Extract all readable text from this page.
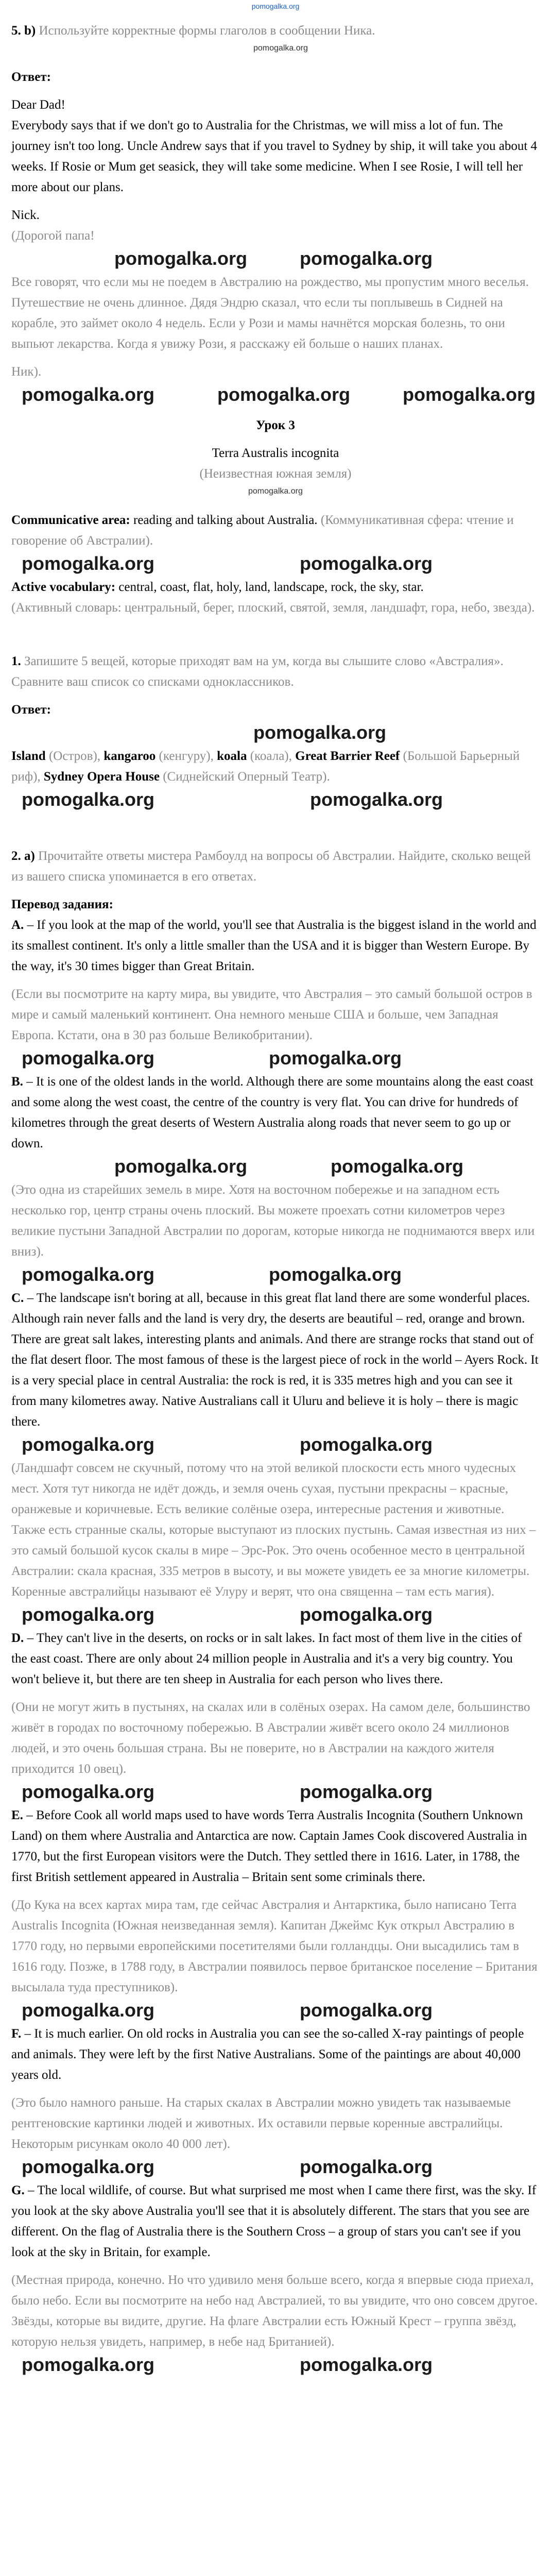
pomogalka.org

5. b) Используйте корректные формы глаголов в сообщении Ника.

pomogalka.org

Ответ:

Dear Dad!

Everybody says that if we don't go to Australia for the Christmas, we will miss a lot of fun. The journey isn't too long. Uncle Andrew says that if you travel to Sydney by ship, it will take you about 4 weeks. If Rosie or Mum get seasick, they will take some medicine. When I see Rosie, I will tell her more about our plans.

Nick.

(Дорогой папа!

pomogalka.org	pomogalka.org

Все говорят, что если мы не поедем в Австралию на рождество, мы пропустим много веселья. Путешествие не очень длинное. Дядя Эндрю сказал, что если ты поплывешь в Сидней на корабле, это займет около 4 недель. Если у Рози и мамы начнётся морская болезнь, то они выпьют лекарства. Когда я увижу Рози, я расскажу ей больше о наших планах.

Ник).

pomogalka.org	pomogalka.org	pomogalka.org

Урок 3

Terra Australis incognita

(Неизвестная южная земля)

pomogalka.org

Communicative area: reading and talking about Australia. (Коммуникативная сфера: чтение и говорение об Австралии).

pomogalka.org	pomogalka.org

Active vocabulary: central, coast, flat, holy, land, landscape, rock, the sky, star.

(Активный словарь: центральный, берег, плоский, святой, земля, ландшафт, гора, небо, звезда).

1. Запишите 5 вещей, которые приходят вам на ум, когда вы слышите слово «Австралия». Сравните ваш список со списками одноклассников.

Ответ:

pomogalka.org

Island (Остров), kangaroo (кенгуру), koala (коала), Great Barrier Reef (Большой Барьерный риф), Sydney Opera House (Сиднейский Оперный Театр).

pomogalka.org	pomogalka.org

2. a) Прочитайте ответы мистера Рамбоулд на вопросы об Австралии. Найдите, сколько вещей из вашего списка упоминается в его ответах.

Перевод задания:

A. – If you look at the map of the world, you'll see that Australia is the biggest island in the world and its smallest continent. It's only a little smaller than the USA and it is bigger than Western Europe. By the way, it's 30 times bigger than Great Britain.

(Если вы посмотрите на карту мира, вы увидите, что Австралия – это самый большой остров в мире и самый маленький континент. Она немного меньше США и больше, чем Западная Европа. Кстати, она в 30 раз больше Великобритании).

pomogalka.org	pomogalka.org

B. – It is one of the oldest lands in the world. Although there are some mountains along the east coast and some along the west coast, the centre of the country is very flat. You can drive for hundreds of kilometres through the great deserts of Western Australia along roads that never seem to go up or down.

pomogalka.org	pomogalka.org

(Это одна из старейших земель в мире. Хотя на восточном побережье и на западном есть несколько гор, центр страны очень плоский. Вы можете проехать сотни километров через великие пустыни Западной Австралии по дорогам, которые никогда не поднимаются вверх или вниз).

pomogalka.org	pomogalka.org

C. – The landscape isn't boring at all, because in this great flat land there are some wonderful places. Although rain never falls and the land is very dry, the deserts are beautiful – red, orange and brown. There are great salt lakes, interesting plants and animals. And there are strange rocks that stand out of the flat desert floor. The most famous of these is the largest piece of rock in the world – Ayers Rock. It is a very special place in central Australia: the rock is red, it is 335 metres high and you can see it from many kilometres away. Native Australians call it Uluru and believe it is holy – there is magic there.

pomogalka.org	pomogalka.org

(Ландшафт совсем не скучный, потому что на этой великой плоскости есть много чудесных мест. Хотя тут никогда не идёт дождь, и земля очень сухая, пустыни прекрасны – красные, оранжевые и коричневые. Есть великие солёные озера, интересные растения и животные. Также есть странные скалы, которые выступают из плоских пустынь. Самая известная из них – это самый большой кусок скалы в мире – Эрс-Рок. Это очень особенное место в центральной Австралии: скала красная, 335 метров в высоту, и вы можете увидеть ее за многие километры. Коренные австралийцы называют её Улуру и верят, что она священна – там есть магия).

pomogalka.org	pomogalka.org

D. – They can't live in the deserts, on rocks or in salt lakes. In fact most of them live in the cities of the east coast. There are only about 24 million people in Australia and it's a very big country. You won't believe it, but there are ten sheep in Australia for each person who lives there.

(Они не могут жить в пустынях, на скалах или в солёных озерах. На самом деле, большинство живёт в городах по восточному побережью. В Австралии живёт всего около 24 миллионов людей, и это очень большая страна. Вы не поверите, но в Австралии на каждого жителя приходится 10 овец).

pomogalka.org	pomogalka.org

E. – Before Cook all world maps used to have words Terra Australis Incognita (Southern Unknown Land) on them where Australia and Antarctica are now. Captain James Cook discovered Australia in 1770, but the first European visitors were the Dutch. They settled there in 1616. Later, in 1788, the first British settlement appeared in Australia – Britain sent some criminals there.

(До Кука на всех картах мира там, где сейчас Австралия и Антарктика, было написано Terra Australis Incognita (Южная неизведанная земля). Капитан Джеймс Кук открыл Австралию в 1770 году, но первыми европейскими посетителями были голландцы. Они высадились там в 1616 году. Позже, в 1788 году, в Австралии появилось первое британское поселение – Британия высылала туда преступников).

pomogalka.org	pomogalka.org

F. – It is much earlier. On old rocks in Australia you can see the so-called X-ray paintings of people and animals. They were left by the first Native Australians. Some of the paintings are about 40,000 years old.

(Это было намного раньше. На старых скалах в Австралии можно увидеть так называемые рентгеновские картинки людей и животных. Их оставили первые коренные австралийцы. Некоторым рисункам около 40 000 лет).

pomogalka.org	pomogalka.org

G. – The local wildlife, of course. But what surprised me most when I came there first, was the sky. If you look at the sky above Australia you'll see that it is absolutely different. The stars that you see are different. On the flag of Australia there is the Southern Cross – a group of stars you can't see if you look at the sky in Britain, for example.

(Местная природа, конечно. Но что удивило меня больше всего, когда я впервые сюда приехал, было небо. Если вы посмотрите на небо над Австралией, то вы увидите, что оно совсем другое. Звёзды, которые вы видите, другие. На флаге Австралии есть Южный Крест – группа звёзд, которую нельзя увидеть, например, в небе над Британией).

pomogalka.org	pomogalka.org
